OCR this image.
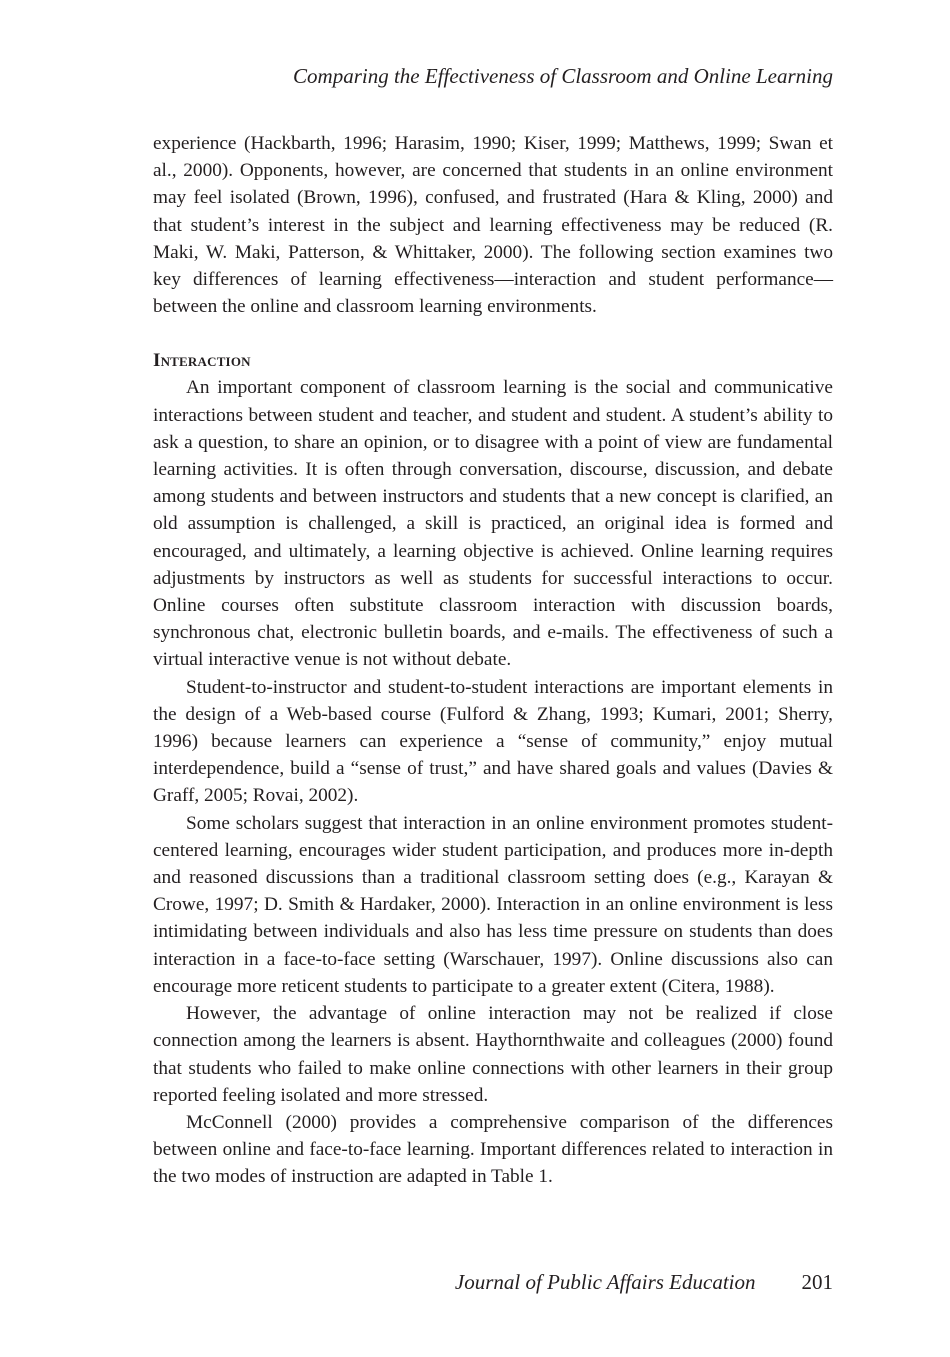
Comparing the Effectiveness of Classroom and Online Learning

experience (Hackbarth, 1996; Harasim, 1990; Kiser, 1999; Matthews, 1999; Swan et al., 2000). Opponents, however, are concerned that students in an online environment may feel isolated (Brown, 1996), confused, and frustrated (Hara & Kling, 2000) and that student’s interest in the subject and learning effectiveness may be reduced (R. Maki, W. Maki, Patterson, & Whittaker, 2000). The following section examines two key differences of learning effectiveness—interaction and student performance—between the online and classroom learning environments.

Interaction

An important component of classroom learning is the social and communicative interactions between student and teacher, and student and student. A student’s ability to ask a question, to share an opinion, or to disagree with a point of view are fundamental learning activities. It is often through conversation, discourse, discussion, and debate among students and between instructors and students that a new concept is clarified, an old assumption is challenged, a skill is practiced, an original idea is formed and encouraged, and ultimately, a learning objective is achieved. Online learning requires adjustments by instructors as well as students for successful interactions to occur. Online courses often substitute classroom interaction with discussion boards, synchronous chat, electronic bulletin boards, and e-mails. The effectiveness of such a virtual interactive venue is not without debate.

Student-to-instructor and student-to-student interactions are important elements in the design of a Web-based course (Fulford & Zhang, 1993; Kumari, 2001; Sherry, 1996) because learners can experience a “sense of community,” enjoy mutual interdependence, build a “sense of trust,” and have shared goals and values (Davies & Graff, 2005; Rovai, 2002).

Some scholars suggest that interaction in an online environment promotes student-centered learning, encourages wider student participation, and produces more in-depth and reasoned discussions than a traditional classroom setting does (e.g., Karayan & Crowe, 1997; D. Smith & Hardaker, 2000). Interaction in an online environment is less intimidating between individuals and also has less time pressure on students than does interaction in a face-to-face setting (Warschauer, 1997). Online discussions also can encourage more reticent students to participate to a greater extent (Citera, 1988).

However, the advantage of online interaction may not be realized if close connection among the learners is absent. Haythornthwaite and colleagues (2000) found that students who failed to make online connections with other learners in their group reported feeling isolated and more stressed.

McConnell (2000) provides a comprehensive comparison of the differences between online and face-to-face learning. Important differences related to interaction in the two modes of instruction are adapted in Table 1.

Journal of Public Affairs Education 201
